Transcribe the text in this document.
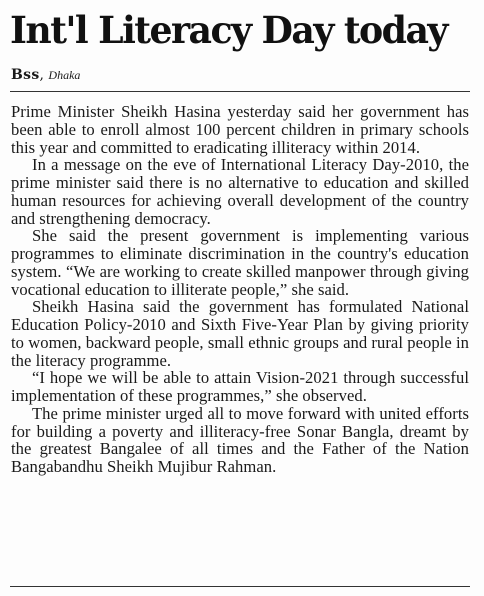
Int'l Literacy Day today
Bss, Dhaka

Prime Minister Sheikh Hasina yesterday said her government has been able to enroll almost 100 percent children in primary schools this year and committed to eradicating illiteracy within 2014.

In a message on the eve of International Literacy Day-2010, the prime minister said there is no alternative to education and skilled human resources for achieving overall development of the country and strengthening democracy.

She said the present government is implementing various programmes to eliminate discrimination in the country's education system. “We are working to create skilled manpower through giving vocational education to illiterate people,” she said.

Sheikh Hasina said the government has formulated National Education Policy-2010 and Sixth Five-Year Plan by giving priority to women, backward people, small ethnic groups and rural people in the literacy programme.

“I hope we will be able to attain Vision-2021 through successful implementation of these programmes,” she observed.

The prime minister urged all to move forward with united efforts for building a poverty and illiteracy-free Sonar Bangla, dreamt by the greatest Bangalee of all times and the Father of the Nation Bangabandhu Sheikh Mujibur Rahman.
